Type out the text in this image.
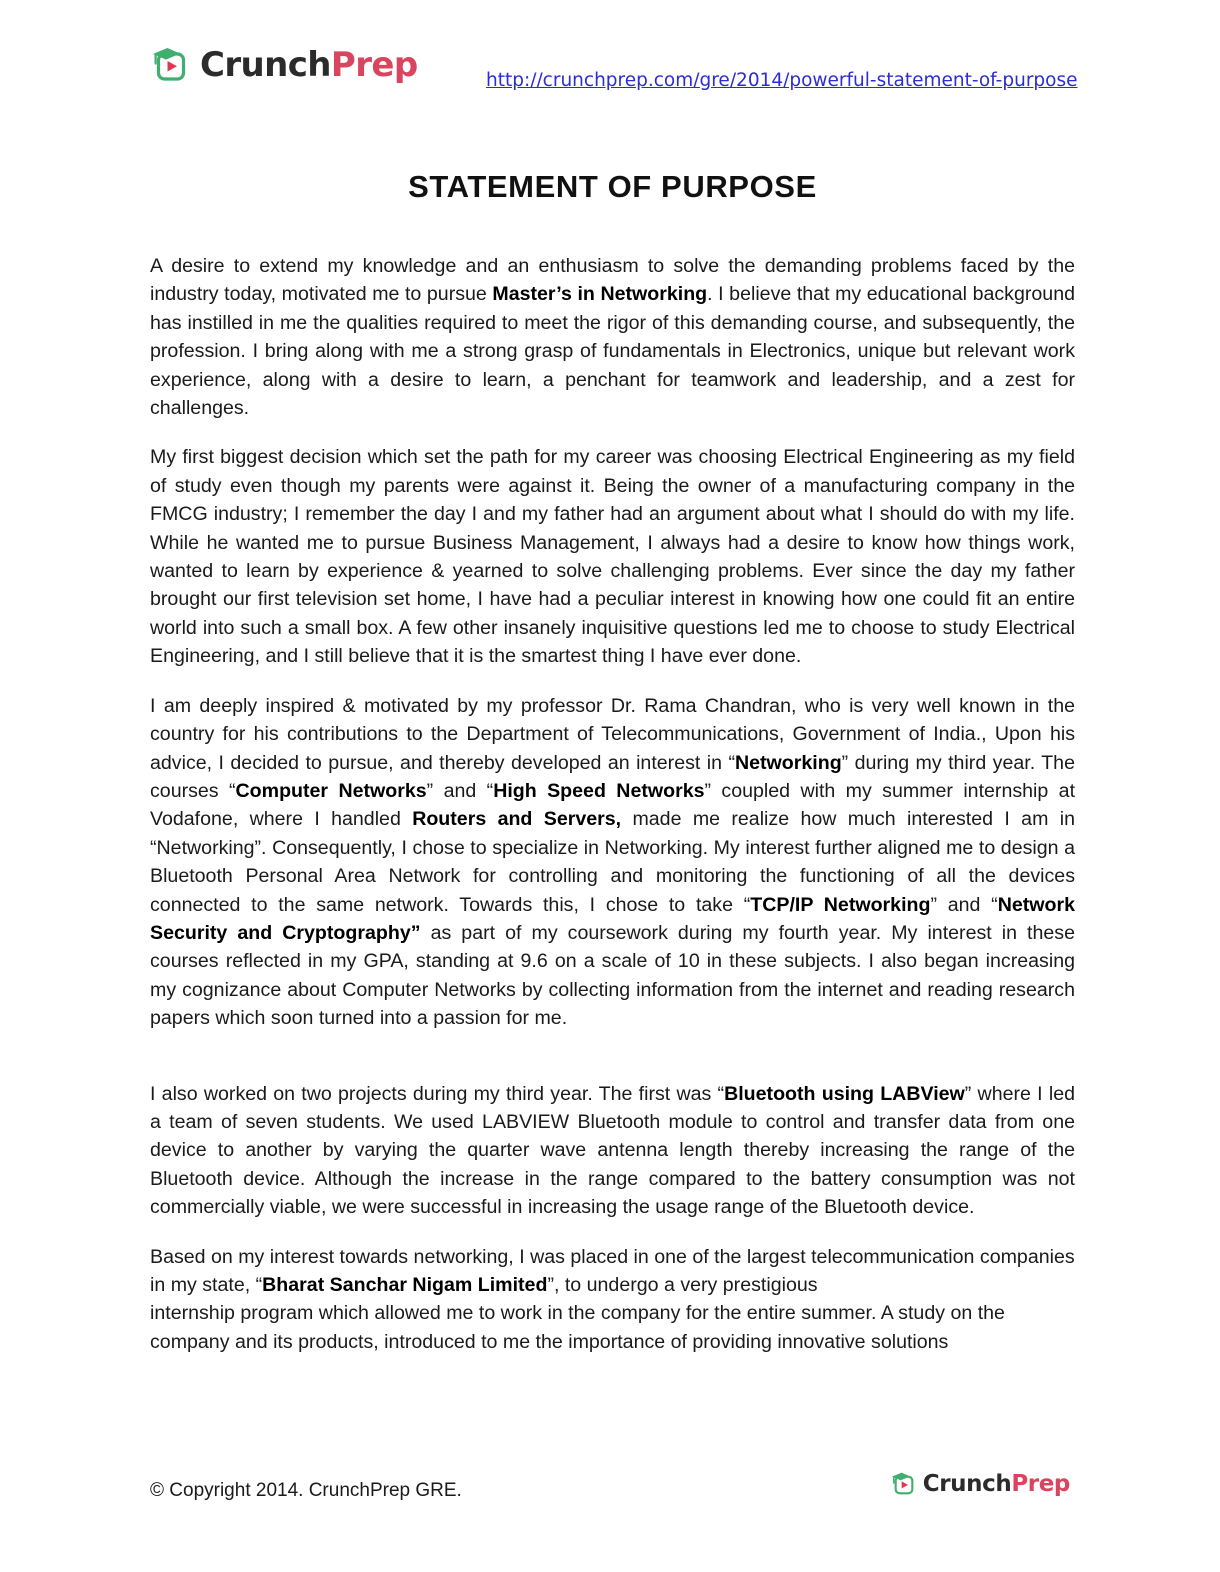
CrunchPrep	http://crunchprep.com/gre/2014/powerful-statement-of-purpose
STATEMENT OF PURPOSE

A desire to extend my knowledge and an enthusiasm to solve the demanding problems faced by the industry today, motivated me to pursue Master’s in Networking. I believe that my educational background has instilled in me the qualities required to meet the rigor of this demanding course, and subsequently, the profession. I bring along with me a strong grasp of fundamentals in Electronics, unique but relevant work experience, along with a desire to learn, a penchant for teamwork and leadership, and a zest for challenges.

My first biggest decision which set the path for my career was choosing Electrical Engineering as my field of study even though my parents were against it. Being the owner of a manufacturing company in the FMCG industry; I remember the day I and my father had an argument about what I should do with my life. While he wanted me to pursue Business Management, I always had a desire to know how things work, wanted to learn by experience & yearned to solve challenging problems. Ever since the day my father brought our first television set home, I have had a peculiar interest in knowing how one could fit an entire world into such a small box. A few other insanely inquisitive questions led me to choose to study Electrical Engineering, and I still believe that it is the smartest thing I have ever done.

I am deeply inspired & motivated by my professor Dr. Rama Chandran, who is very well known in the country for his contributions to the Department of Telecommunications, Government of India., Upon his advice, I decided to pursue, and thereby developed an interest in “Networking” during my third year. The courses “Computer Networks” and “High Speed Networks” coupled with my summer internship at Vodafone, where I handled Routers and Servers, made me realize how much interested I am in “Networking”. Consequently, I chose to specialize in Networking. My interest further aligned me to design a Bluetooth Personal Area Network for controlling and monitoring the functioning of all the devices connected to the same network. Towards this, I chose to take “TCP/IP Networking” and “Network Security and Cryptography” as part of my coursework during my fourth year. My interest in these courses reflected in my GPA, standing at 9.6 on a scale of 10 in these subjects. I also began increasing my cognizance about Computer Networks by collecting information from the internet and reading research papers which soon turned into a passion for me.

I also worked on two projects during my third year. The first was “Bluetooth using LABView” where I led a team of seven students. We used LABVIEW Bluetooth module to control and transfer data from one device to another by varying the quarter wave antenna length thereby increasing the range of the Bluetooth device. Although the increase in the range compared to the battery consumption was not commercially viable, we were successful in increasing the usage range of the Bluetooth device.

Based on my interest towards networking, I was placed in one of the largest telecommunication companies in my state, “Bharat Sanchar Nigam Limited”, to undergo a very prestigious

internship program which allowed me to work in the company for the entire summer. A study on the company and its products, introduced to me the importance of providing innovative solutions

© Copyright 2014. CrunchPrep GRE.	CrunchPrep
